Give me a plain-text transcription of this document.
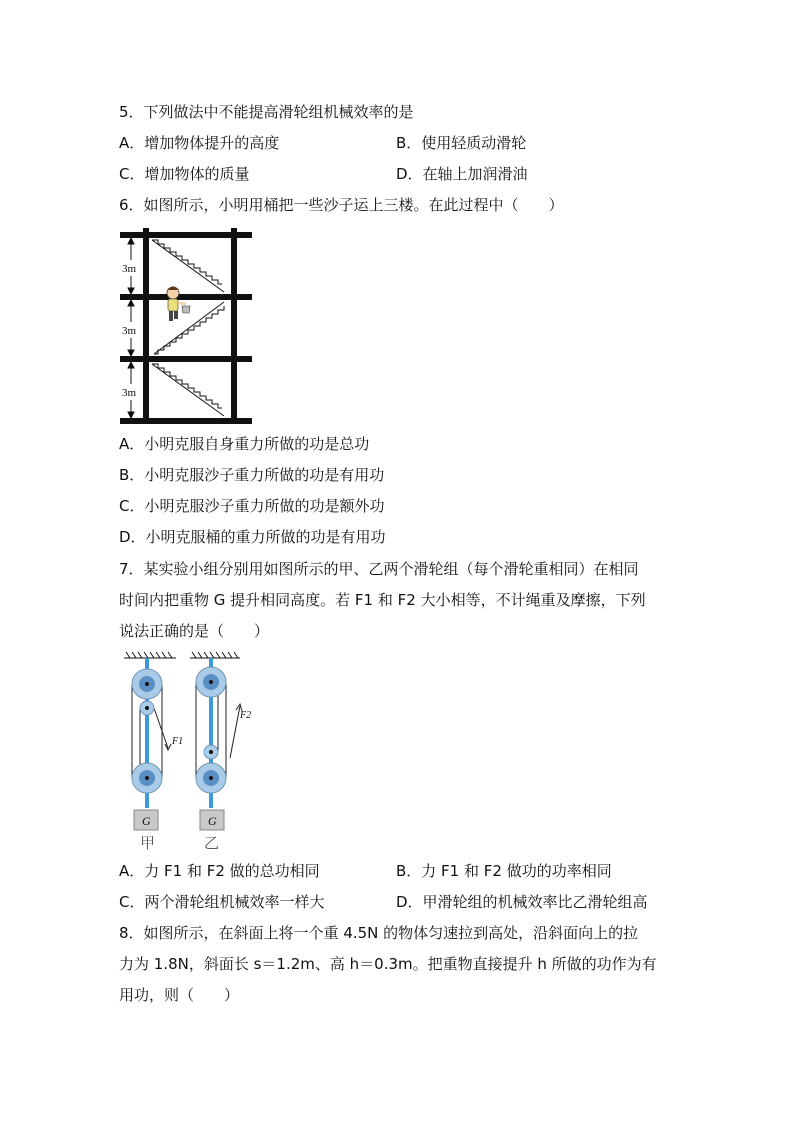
5．下列做法中不能提高滑轮组机械效率的是
A．增加物体提升的高度	B．使用轻质动滑轮
C．增加物体的质量	D．在轴上加润滑油
6．如图所示，小明用桶把一些沙子运上三楼。在此过程中（　　）
3m
3m
3m
A．小明克服自身重力所做的功是总功
B．小明克服沙子重力所做的功是有用功
C．小明克服沙子重力所做的功是额外功
D．小明克服桶的重力所做的功是有用功
7．某实验小组分别用如图所示的甲、乙两个滑轮组（每个滑轮重相同）在相同
时间内把重物 G 提升相同高度。若 F1 和 F2 大小相等，不计绳重及摩擦，下列
说法正确的是（　　）
G
甲
F1
G
乙
F2
A．力 F1 和 F2 做的总功相同	B．力 F1 和 F2 做功的功率相同
C．两个滑轮组机械效率一样大	D．甲滑轮组的机械效率比乙滑轮组高
8．如图所示，在斜面上将一个重 4.5N 的物体匀速拉到高处，沿斜面向上的拉
力为 1.8N，斜面长 s＝1.2m、高 h＝0.3m。把重物直接提升 h 所做的功作为有
用功，则（　　）
